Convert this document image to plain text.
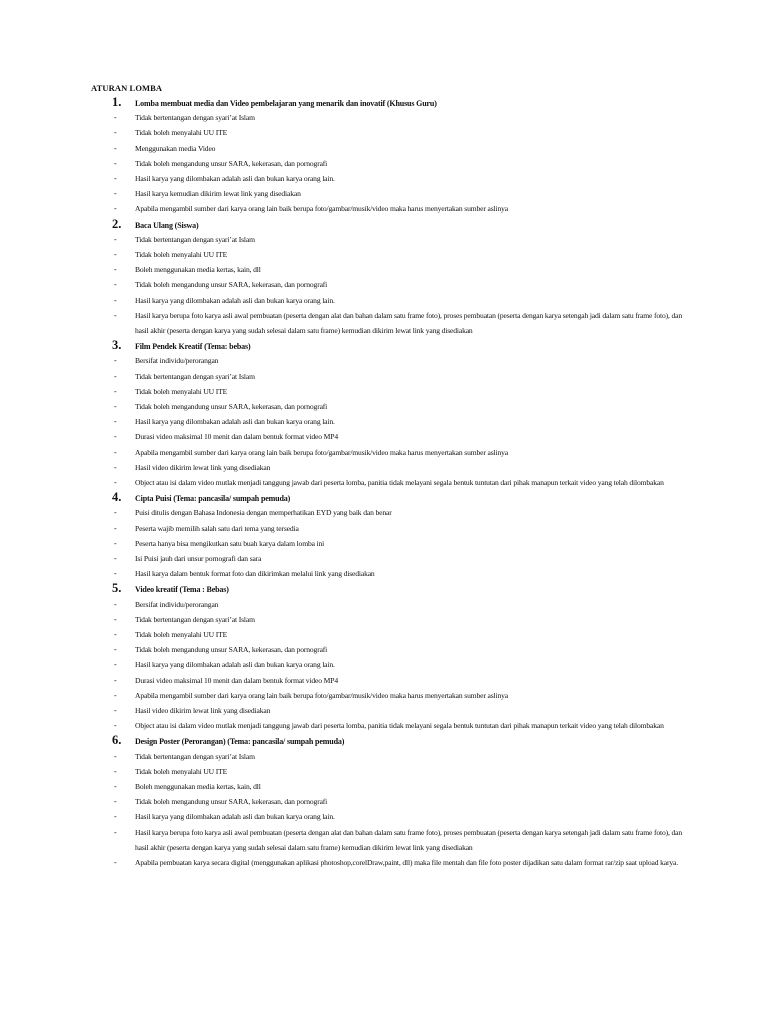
ATURAN LOMBA
1. Lomba membuat media dan Video pembelajaran yang menarik dan inovatif (Khusus Guru)
- Tidak bertentangan dengan syari’at Islam
- Tidak boleh menyalahi UU ITE
- Menggunakan media Video
- Tidak boleh mengandung unsur SARA, kekerasan, dan pornografi
- Hasil karya yang dilombakan adalah asli dan bukan karya orang lain.
- Hasil karya kemudian dikirim lewat link yang disediakan
- Apabila mengambil sumber dari karya orang lain baik berupa foto/gambar/musik/video maka harus menyertakan sumber aslinya
2. Baca Ulang (Siswa)
- Tidak bertentangan dengan syari’at Islam
- Tidak boleh menyalahi UU ITE
- Boleh menggunakan media kertas, kain, dll
- Tidak boleh mengandung unsur SARA, kekerasan, dan pornografi
- Hasil karya yang dilombakan adalah asli dan bukan karya orang lain.
- Hasil karya berupa foto karya asli awal pembuatan (peserta dengan alat dan bahan dalam satu frame foto), proses pembuatan (peserta dengan karya setengah jadi dalam satu frame foto), dan hasil akhir (peserta dengan karya yang sudah selesai dalam satu frame) kemudian dikirim lewat link yang disediakan
3. Film Pendek Kreatif (Tema: bebas)
- Bersifat individu/perorangan
- Tidak bertentangan dengan syari’at Islam
- Tidak boleh menyalahi UU ITE
- Tidak boleh mengandung unsur SARA, kekerasan, dan pornografi
- Hasil karya yang dilombakan adalah asli dan bukan karya orang lain.
- Durasi video maksimal 10 menit dan dalam bentuk format video MP4
- Apabila mengambil sumber dari karya orang lain baik berupa foto/gambar/musik/video maka harus menyertakan sumber aslinya
- Hasil video dikirim lewat link yang disediakan
- Object atau isi dalam video mutlak menjadi tanggung jawab dari peserta lomba, panitia tidak melayani segala bentuk tuntutan dari pihak manapun terkait video yang telah dilombakan
4. Cipta Puisi (Tema: pancasila/ sumpah pemuda)
- Puisi ditulis dengan Bahasa Indonesia dengan memperhatikan EYD yang baik dan benar
- Peserta wajib memilih salah satu dari tema yang tersedia
- Peserta hanya bisa mengikutkan satu buah karya dalam lomba ini
- Isi Puisi jauh dari unsur pornografi dan sara
- Hasil karya dalam bentuk format foto dan dikirimkan melalui link yang disediakan
5. Video kreatif (Tema : Bebas)
- Bersifat individu/perorangan
- Tidak bertentangan dengan syari’at Islam
- Tidak boleh menyalahi UU ITE
- Tidak boleh mengandung unsur SARA, kekerasan, dan pornografi
- Hasil karya yang dilombakan adalah asli dan bukan karya orang lain.
- Durasi video maksimal 10 menit dan dalam bentuk format video MP4
- Apabila mengambil sumber dari karya orang lain baik berupa foto/gambar/musik/video maka harus menyertakan sumber aslinya
- Hasil video dikirim lewat link yang disediakan
- Object atau isi dalam video mutlak menjadi tanggung jawab dari peserta lomba, panitia tidak melayani segala bentuk tuntutan dari pihak manapun terkait video yang telah dilombakan
6. Design Poster (Perorangan) (Tema: pancasila/ sumpah pemuda)
- Tidak bertentangan dengan syari’at Islam
- Tidak boleh menyalahi UU ITE
- Boleh menggunakan media kertas, kain, dll
- Tidak boleh mengandung unsur SARA, kekerasan, dan pornografi
- Hasil karya yang dilombakan adalah asli dan bukan karya orang lain.
- Hasil karya berupa foto karya asli awal pembuatan (peserta dengan alat dan bahan dalam satu frame foto), proses pembuatan (peserta dengan karya setengah jadi dalam satu frame foto), dan hasil akhir (peserta dengan karya yang sudah selesai dalam satu frame) kemudian dikirim lewat link yang disediakan
- Apabila pembuatan karya secara digital (menggunakan aplikasi photoshop,corelDraw,paint, dll) maka file mentah dan file foto poster dijadikan satu dalam format rar/zip saat upload karya.
